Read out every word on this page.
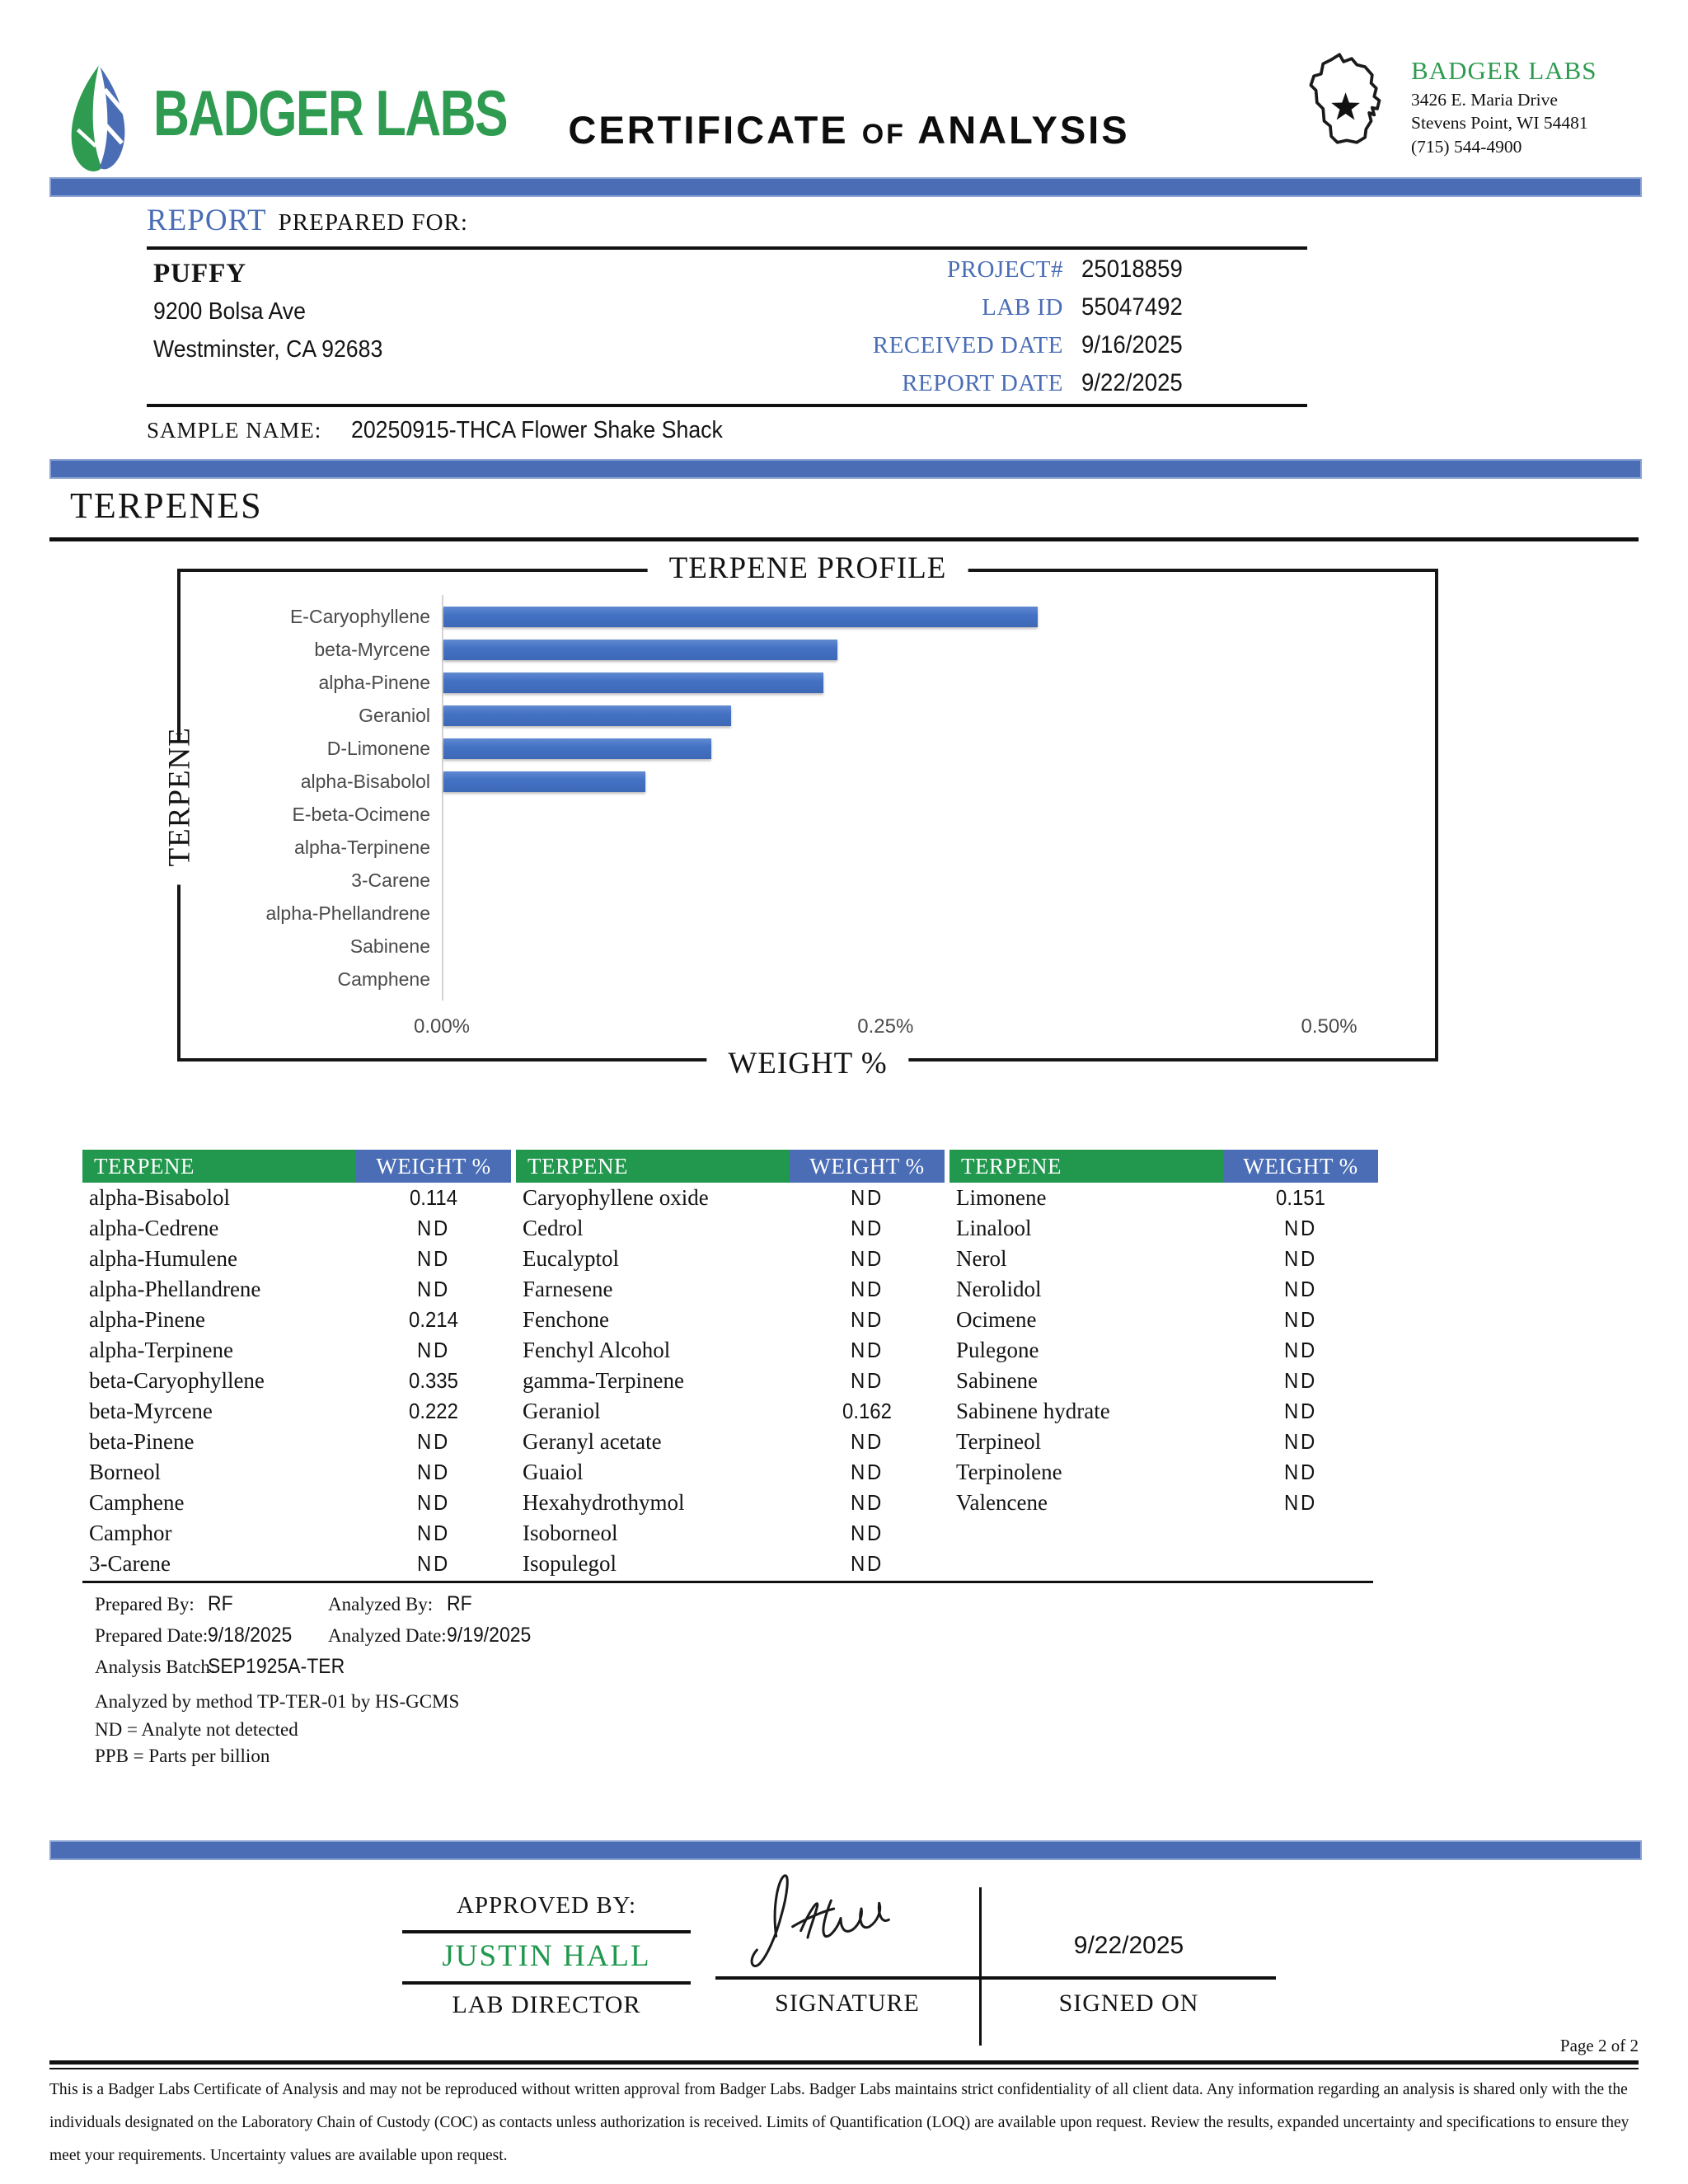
BADGER LABS	CERTIFICATE OF ANALYSIS
BADGER LABS
3426 E. Maria Drive
Stevens Point, WI 54481
(715) 544-4900
REPORT PREPARED FOR:
PUFFY
9200 Bolsa Ave
Westminster, CA 92683
PROJECT# 25018859
LAB ID 55047492
RECEIVED DATE 9/16/2025
REPORT DATE 9/22/2025
SAMPLE NAME: 20250915-THCA Flower Shake Shack
TERPENES
TERPENE PROFILE
TERPENE
WEIGHT %
E-Caryophyllene
beta-Myrcene
alpha-Pinene
Geraniol
D-Limonene
alpha-Bisabolol
E-beta-Ocimene
alpha-Terpinene
3-Carene
alpha-Phellandrene
Sabinene
Camphene
0.00%	0.25%	0.50%
TERPENE	WEIGHT %
alpha-Bisabolol	0.114
alpha-Cedrene	ND
alpha-Humulene	ND
alpha-Phellandrene	ND
alpha-Pinene	0.214
alpha-Terpinene	ND
beta-Caryophyllene	0.335
beta-Myrcene	0.222
beta-Pinene	ND
Borneol	ND
Camphene	ND
Camphor	ND
3-Carene	ND
TERPENE	WEIGHT %
Caryophyllene oxide	ND
Cedrol	ND
Eucalyptol	ND
Farnesene	ND
Fenchone	ND
Fenchyl Alcohol	ND
gamma-Terpinene	ND
Geraniol	0.162
Geranyl acetate	ND
Guaiol	ND
Hexahydrothymol	ND
Isoborneol	ND
Isopulegol	ND
TERPENE	WEIGHT %
Limonene	0.151
Linalool	ND
Nerol	ND
Nerolidol	ND
Ocimene	ND
Pulegone	ND
Sabinene	ND
Sabinene hydrate	ND
Terpineol	ND
Terpinolene	ND
Valencene	ND
Prepared By: RF	Analyzed By: RF
Prepared Date: 9/18/2025 Analyzed Date: 9/19/2025
Analysis Batch:
SEP1925A-TER
Analyzed by method TP-TER-01 by HS-GCMS
ND = Analyte not detected
PPB = Parts per billion
APPROVED BY:
JUSTIN HALL
LAB DIRECTOR	SIGNATURE
9/22/2025
SIGNED ON
Page 2 of 2
This is a Badger Labs Certificate of Analysis and may not be reproduced without written approval from Badger Labs. Badger Labs maintains strict confidentiality of all client data. Any information regarding an analysis is shared only with the the individuals designated on the Laboratory Chain of Custody (COC) as contacts unless authorization is received. Limits of Quantification (LOQ) are available upon request. Review the results, expanded uncertainty and specifications to ensure they meet your requirements. Uncertainty values are available upon request.
